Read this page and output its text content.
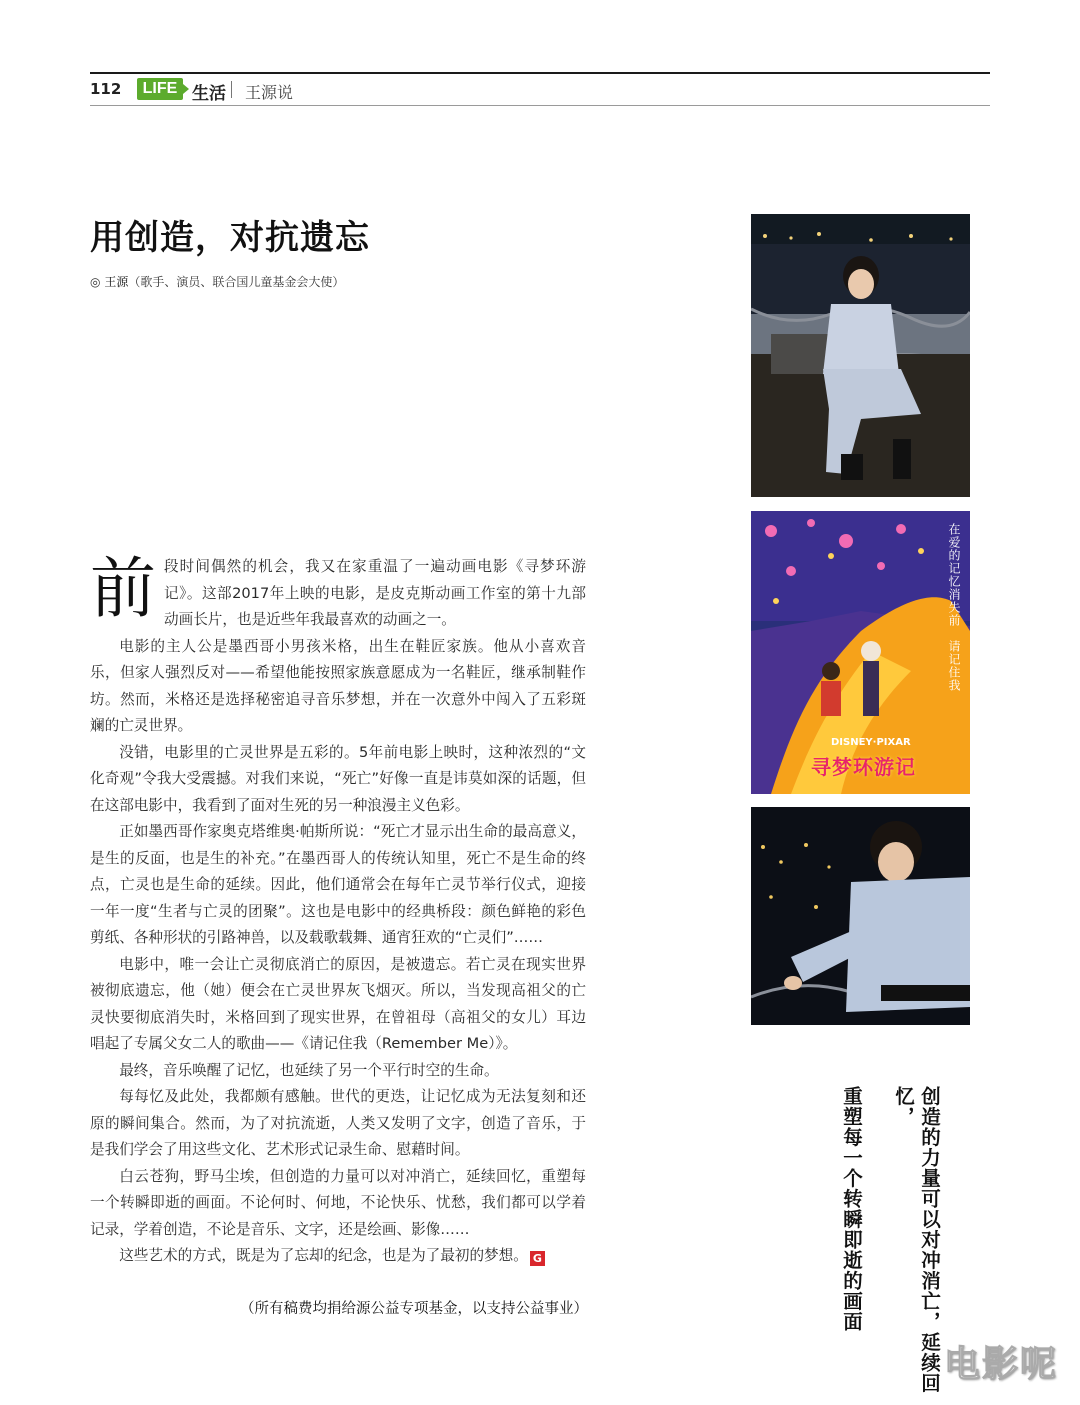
112	LIFE 生活 王源说
用创造，对抗遗忘
◎ 王源（歌手、演员、联合国儿童基金会大使）

前段时间偶然的机会，我又在家重温了一遍动画电影《寻梦环游记》。这部2017年上映的电影，是皮克斯动画工作室的第十九部动画长片，也是近些年我最喜欢的动画之一。

电影的主人公是墨西哥小男孩米格，出生在鞋匠家族。他从小喜欢音乐，但家人强烈反对——希望他能按照家族意愿成为一名鞋匠，继承制鞋作坊。然而，米格还是选择秘密追寻音乐梦想，并在一次意外中闯入了五彩斑斓的亡灵世界。

没错，电影里的亡灵世界是五彩的。5年前电影上映时，这种浓烈的“文化奇观”令我大受震撼。对我们来说，“死亡”好像一直是讳莫如深的话题，但在这部电影中，我看到了面对生死的另一种浪漫主义色彩。

正如墨西哥作家奥克塔维奥·帕斯所说：“死亡才显示出生命的最高意义，是生的反面，也是生的补充。”在墨西哥人的传统认知里，死亡不是生命的终点，亡灵也是生命的延续。因此，他们通常会在每年亡灵节举行仪式，迎接一年一度“生者与亡灵的团聚”。这也是电影中的经典桥段：颜色鲜艳的彩色剪纸、各种形状的引路神兽，以及载歌载舞、通宵狂欢的“亡灵们”……

电影中，唯一会让亡灵彻底消亡的原因，是被遗忘。若亡灵在现实世界被彻底遗忘，他（她）便会在亡灵世界灰飞烟灭。所以，当发现高祖父的亡灵快要彻底消失时，米格回到了现实世界，在曾祖母（高祖父的女儿）耳边唱起了专属父女二人的歌曲——《请记住我（Remember Me）》。

最终，音乐唤醒了记忆，也延续了另一个平行时空的生命。

每每忆及此处，我都颇有感触。世代的更迭，让记忆成为无法复刻和还原的瞬间集合。然而，为了对抗流逝，人类又发明了文字，创造了音乐，于是我们学会了用这些文化、艺术形式记录生命、慰藉时间。

白云苍狗，野马尘埃，但创造的力量可以对冲消亡，延续回忆，重塑每一个转瞬即逝的画面。不论何时、何地，不论快乐、忧愁，我们都可以学着记录，学着创造，不论是音乐、文字，还是绘画、影像……

这些艺术的方式，既是为了忘却的纪念，也是为了最初的梦想。 G

（所有稿费均捐给源公益专项基金，以支持公益事业）
在爱的记忆消失前　请记住我
DISNEY·PIXAR
寻梦环游记
创造的力量可以对冲消亡，延续回忆，
重塑每一个转瞬即逝的画面
电影呢
